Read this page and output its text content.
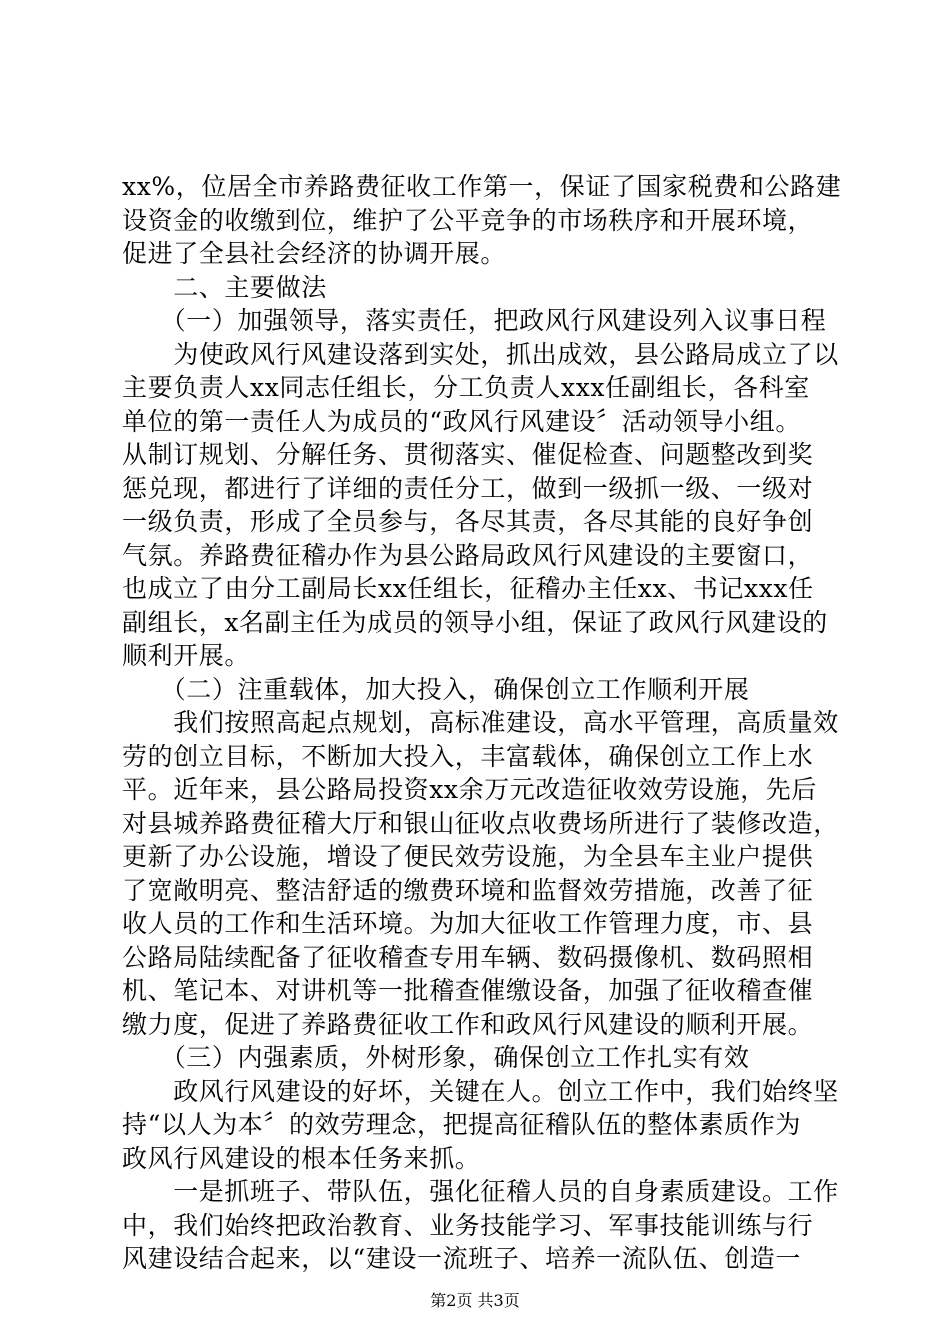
xx%，位居全市养路费征收工作第一，保证了国家税费和公路建
设资金的收缴到位，维护了公平竞争的市场秩序和开展环境，
促进了全县社会经济的协调开展。
　　二、主要做法
　　（一）加强领导，落实责任，把政风行风建设列入议事日程
　　为使政风行风建设落到实处，抓出成效，县公路局成立了以
主要负责人xx同志任组长，分工负责人xxx任副组长，各科室
单位的第一责任人为成员的“政风行风建设〞活动领导小组。
从制订规划、分解任务、贯彻落实、催促检查、问题整改到奖
惩兑现，都进行了详细的责任分工，做到一级抓一级、一级对
一级负责，形成了全员参与，各尽其责，各尽其能的良好争创
气氛。养路费征稽办作为县公路局政风行风建设的主要窗口，
也成立了由分工副局长xx任组长，征稽办主任xx、书记xxx任
副组长，x名副主任为成员的领导小组，保证了政风行风建设的
顺利开展。
　　（二）注重载体，加大投入，确保创立工作顺利开展
　　我们按照高起点规划，高标准建设，高水平管理，高质量效
劳的创立目标，不断加大投入，丰富载体，确保创立工作上水
平。近年来，县公路局投资xx余万元改造征收效劳设施，先后
对县城养路费征稽大厅和银山征收点收费场所进行了装修改造，
更新了办公设施，增设了便民效劳设施，为全县车主业户提供
了宽敞明亮、整洁舒适的缴费环境和监督效劳措施，改善了征
收人员的工作和生活环境。为加大征收工作管理力度，市、县
公路局陆续配备了征收稽查专用车辆、数码摄像机、数码照相
机、笔记本、对讲机等一批稽查催缴设备，加强了征收稽查催
缴力度，促进了养路费征收工作和政风行风建设的顺利开展。
　　（三）内强素质，外树形象，确保创立工作扎实有效
　　政风行风建设的好坏，关键在人。创立工作中，我们始终坚
持“以人为本〞的效劳理念，把提高征稽队伍的整体素质作为
政风行风建设的根本任务来抓。
　　一是抓班子、带队伍，强化征稽人员的自身素质建设。工作
中，我们始终把政治教育、业务技能学习、军事技能训练与行
风建设结合起来，以“建设一流班子、培养一流队伍、创造一
第2页 共3页
